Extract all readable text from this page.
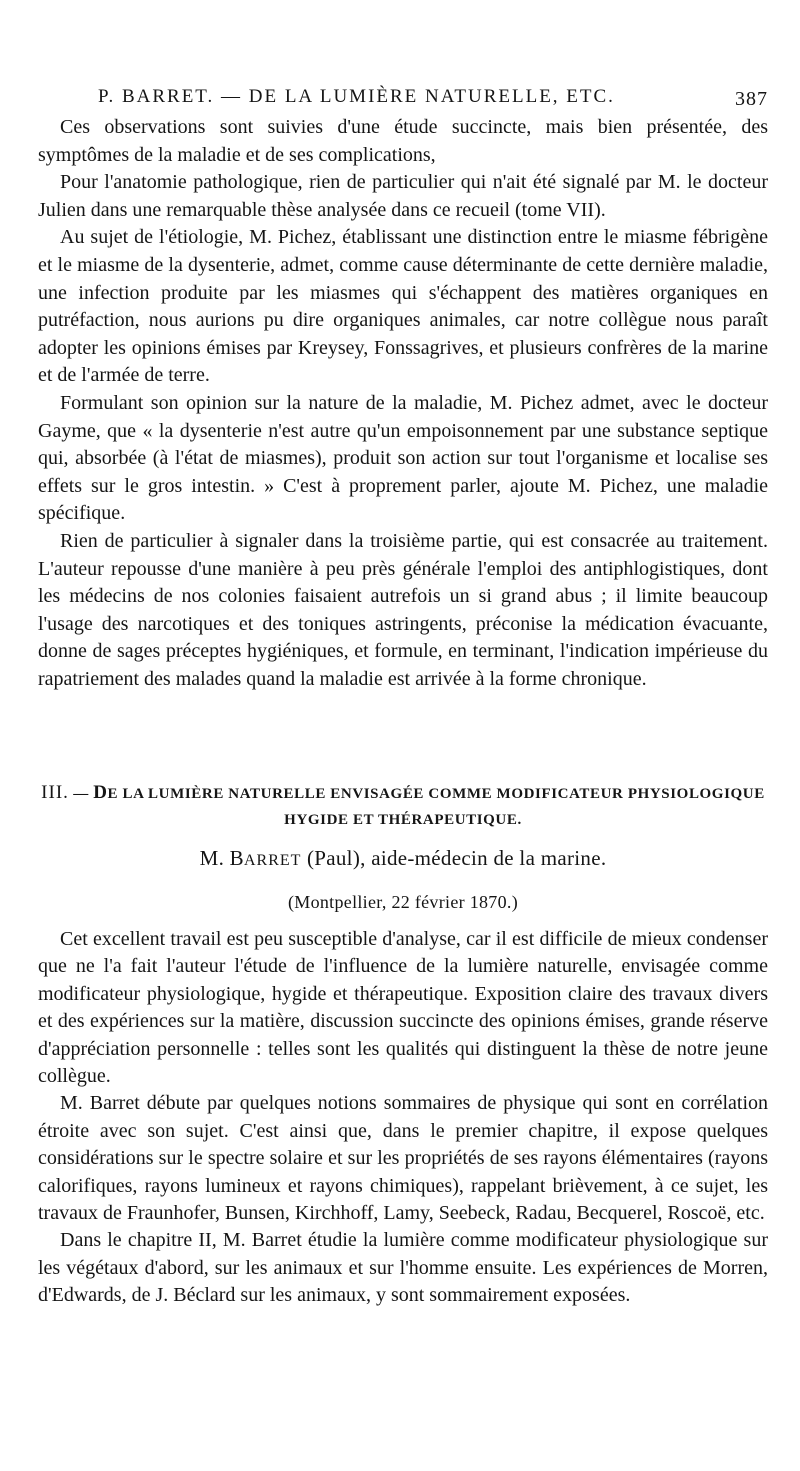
P. BARRET. — DE LA LUMIÈRE NATURELLE, ETC.	387

Ces observations sont suivies d'une étude succincte, mais bien présentée, des symptômes de la maladie et de ses complications,

Pour l'anatomie pathologique, rien de particulier qui n'ait été signalé par M. le docteur Julien dans une remarquable thèse analysée dans ce recueil (tome VII).

Au sujet de l'étiologie, M. Pichez, établissant une distinction entre le miasme fébrigène et le miasme de la dysenterie, admet, comme cause déterminante de cette dernière maladie, une infection produite par les miasmes qui s'échappent des matières organiques en putréfaction, nous aurions pu dire organiques animales, car notre collègue nous paraît adopter les opinions émises par Kreysey, Fonssagrives, et plusieurs confrères de la marine et de l'armée de terre.

Formulant son opinion sur la nature de la maladie, M. Pichez admet, avec le docteur Gayme, que « la dysenterie n'est autre qu'un empoisonnement par une substance septique qui, absorbée (à l'état de miasmes), produit son action sur tout l'organisme et localise ses effets sur le gros intestin. » C'est à proprement parler, ajoute M. Pichez, une maladie spécifique.

Rien de particulier à signaler dans la troisième partie, qui est consacrée au traitement. L'auteur repousse d'une manière à peu près générale l'emploi des antiphlogistiques, dont les médecins de nos colonies faisaient autrefois un si grand abus ; il limite beaucoup l'usage des narcotiques et des toniques astringents, préconise la médication évacuante, donne de sages préceptes hygiéniques, et formule, en terminant, l'indication impérieuse du rapatriement des malades quand la maladie est arrivée à la forme chronique.

III. — DE LA LUMIÈRE NATURELLE ENVISAGÉE COMME MODIFICATEUR PHYSIOLOGIQUE
HYGIDE ET THÉRAPEUTIQUE.

M. BARRET (Paul), aide-médecin de la marine.

(Montpellier, 22 février 1870.)

Cet excellent travail est peu susceptible d'analyse, car il est difficile de mieux condenser que ne l'a fait l'auteur l'étude de l'influence de la lumière naturelle, envisagée comme modificateur physiologique, hygide et thérapeutique. Exposition claire des travaux divers et des expériences sur la matière, discussion succincte des opinions émises, grande réserve d'appréciation personnelle : telles sont les qualités qui distinguent la thèse de notre jeune collègue.

M. Barret débute par quelques notions sommaires de physique qui sont en corrélation étroite avec son sujet. C'est ainsi que, dans le premier chapitre, il expose quelques considérations sur le spectre solaire et sur les propriétés de ses rayons élémentaires (rayons calorifiques, rayons lumineux et rayons chimiques), rappelant brièvement, à ce sujet, les travaux de Fraunhofer, Bunsen, Kirchhoff, Lamy, Seebeck, Radau, Becquerel, Roscoë, etc.

Dans le chapitre II, M. Barret étudie la lumière comme modificateur physiologique sur les végétaux d'abord, sur les animaux et sur l'homme ensuite. Les expériences de Morren, d'Edwards, de J. Béclard sur les animaux, y sont sommairement exposées.
